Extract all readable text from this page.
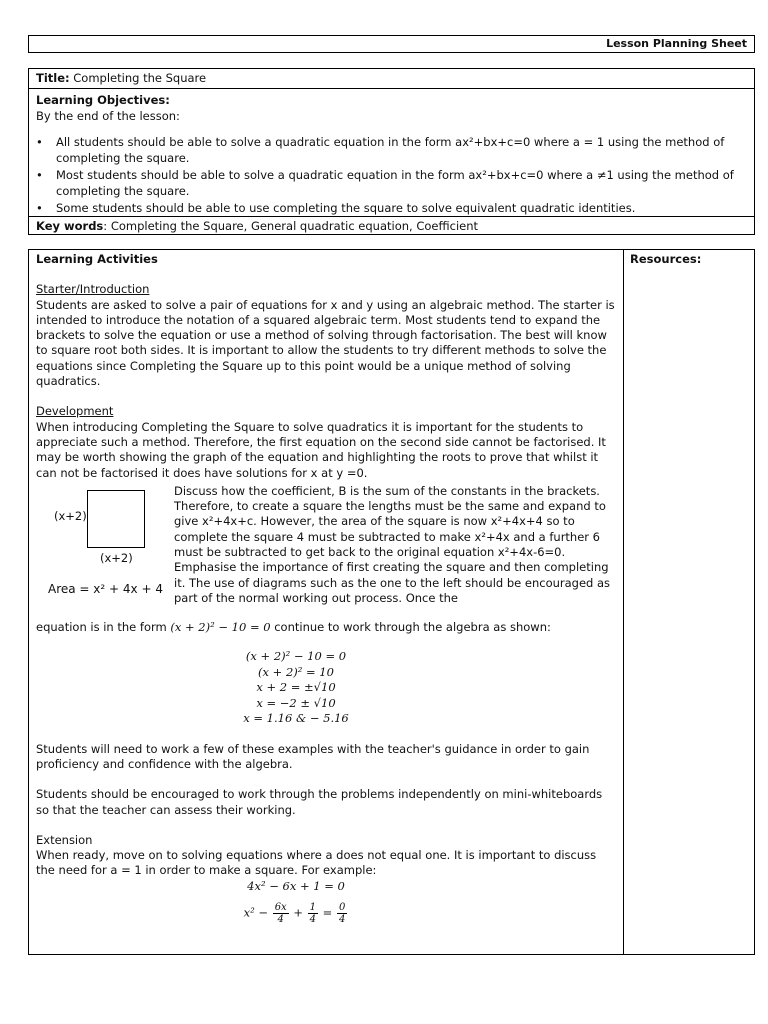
Lesson Planning Sheet
Title: Completing the Square
Learning Objectives:
By the end of the lesson:
• All students should be able to solve a quadratic equation in the form ax²+bx+c=0 where a = 1 using the method of completing the square.
• Most students should be able to solve a quadratic equation in the form ax²+bx+c=0 where a ≠1 using the method of completing the square.
• Some students should be able to use completing the square to solve equivalent quadratic identities.
Key words: Completing the Square, General quadratic equation, Coefficient

Learning Activities

Starter/Introduction

Students are asked to solve a pair of equations for x and y using an algebraic method. The starter is intended to introduce the notation of a squared algebraic term. Most students tend to expand the brackets to solve the equation or use a method of solving through factorisation. The best will know to square root both sides. It is important to allow the students to try different methods to solve the equations since Completing the Square up to this point would be a unique method of solving quadratics.

Development

When introducing Completing the Square to solve quadratics it is important for the students to appreciate such a method. Therefore, the first equation on the second side cannot be factorised. It may be worth showing the graph of the equation and highlighting the roots to prove that whilst it can not be factorised it does have solutions for x at y =0.

(x+2)
(x+2)
Area = x² + 4x + 4

Discuss how the coefficient, B is the sum of the constants in the brackets. Therefore, to create a square the lengths must be the same and expand to give x²+4x+c. However, the area of the square is now x²+4x+4 so to complete the square 4 must be subtracted to make x²+4x and a further 6 must be subtracted to get back to the original equation x²+4x-6=0. Emphasise the importance of first creating the square and then completing it. The use of diagrams such as the one to the left should be encouraged as part of the normal working out process. Once the

equation is in the form (x + 2)² − 10 = 0 continue to work through the algebra as shown:

(x + 2)² − 10 = 0
(x + 2)² = 10
x + 2 = ±√10
x = −2 ± √10
x = 1.16 & − 5.16

Students will need to work a few of these examples with the teacher's guidance in order to gain proficiency and confidence with the algebra.

Students should be encouraged to work through the problems independently on mini-whiteboards so that the teacher can assess their working.

Extension

When ready, move on to solving equations where a does not equal one. It is important to discuss the need for a = 1 in order to make a square. For example:

4x² − 6x + 1 = 0
$x^2 - \frac{6x}{4} + \frac{1}{4} = \frac{0}{4}$

Resources:
